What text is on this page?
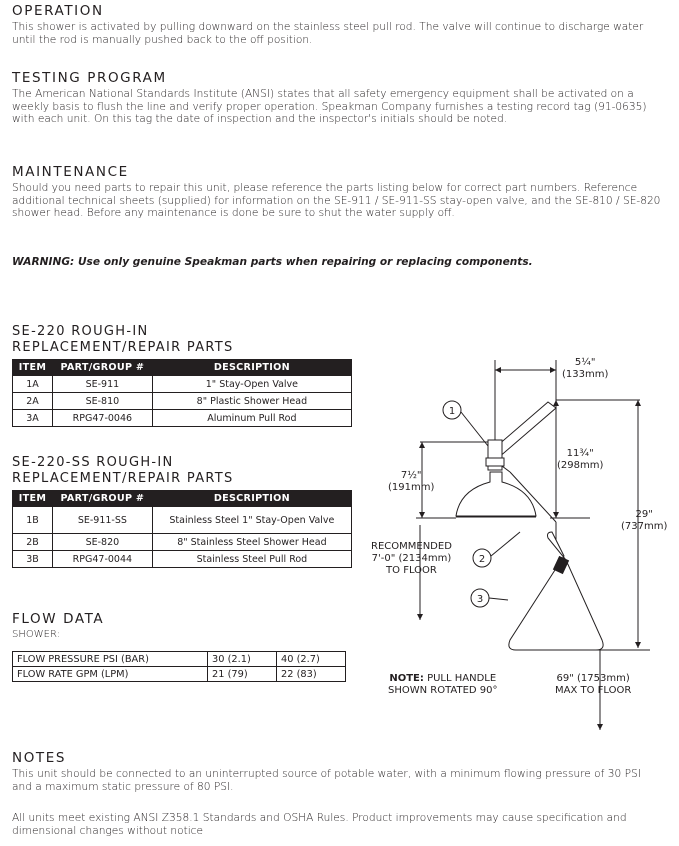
OPERATION

This shower is activated by pulling downward on the stainless steel pull rod. The valve will continue to discharge water until the rod is manually pushed back to the off position.

TESTING PROGRAM

The American National Standards Institute (ANSI) states that all safety emergency equipment shall be activated on a weekly basis to flush the line and verify proper operation. Speakman Company furnishes a testing record tag (91-0635) with each unit. On this tag the date of inspection and the inspector's initials should be noted.

MAINTENANCE

Should you need parts to repair this unit, please reference the parts listing below for correct part numbers. Reference additional technical sheets (supplied) for information on the SE-911 / SE-911-SS stay-open valve, and the SE-810 / SE-820 shower head. Before any maintenance is done be sure to shut the water supply off.

WARNING: Use only genuine Speakman parts when repairing or replacing components.

SE-220 ROUGH-IN
REPLACEMENT/REPAIR PARTS
ITEM	PART/GROUP #	DESCRIPTION
1A	SE-911	1" Stay-Open Valve
2A	SE-810	8" Plastic Shower Head
3A	RPG47-0046	Aluminum Pull Rod
SE-220-SS ROUGH-IN
REPLACEMENT/REPAIR PARTS
ITEM	PART/GROUP #	DESCRIPTION
1B	SE-911-SS	Stainless Steel 1" Stay-Open Valve
2B	SE-820	8" Stainless Steel Shower Head
3B	RPG47-0044	Stainless Steel Pull Rod
FLOW DATA
SHOWER:
FLOW PRESSURE PSI (BAR)	30 (2.1)	40 (2.7)
FLOW RATE GPM (LPM)	21 (79)	22 (83)
1
2
3
5¼"
(133mm)
11¾"
(298mm)
7½"
(191mm)
29"
(737mm)
RECOMMENDED
7'-0" (2134mm)
TO FLOOR
NOTE: PULL HANDLE
SHOWN ROTATED 90°
69" (1753mm)
MAX TO FLOOR
NOTES

This unit should be connected to an uninterrupted source of potable water, with a minimum flowing pressure of 30 PSI and a maximum static pressure of 80 PSI.

All units meet existing ANSI Z358.1 Standards and OSHA Rules. Product improvements may cause specification and dimensional changes without notice
